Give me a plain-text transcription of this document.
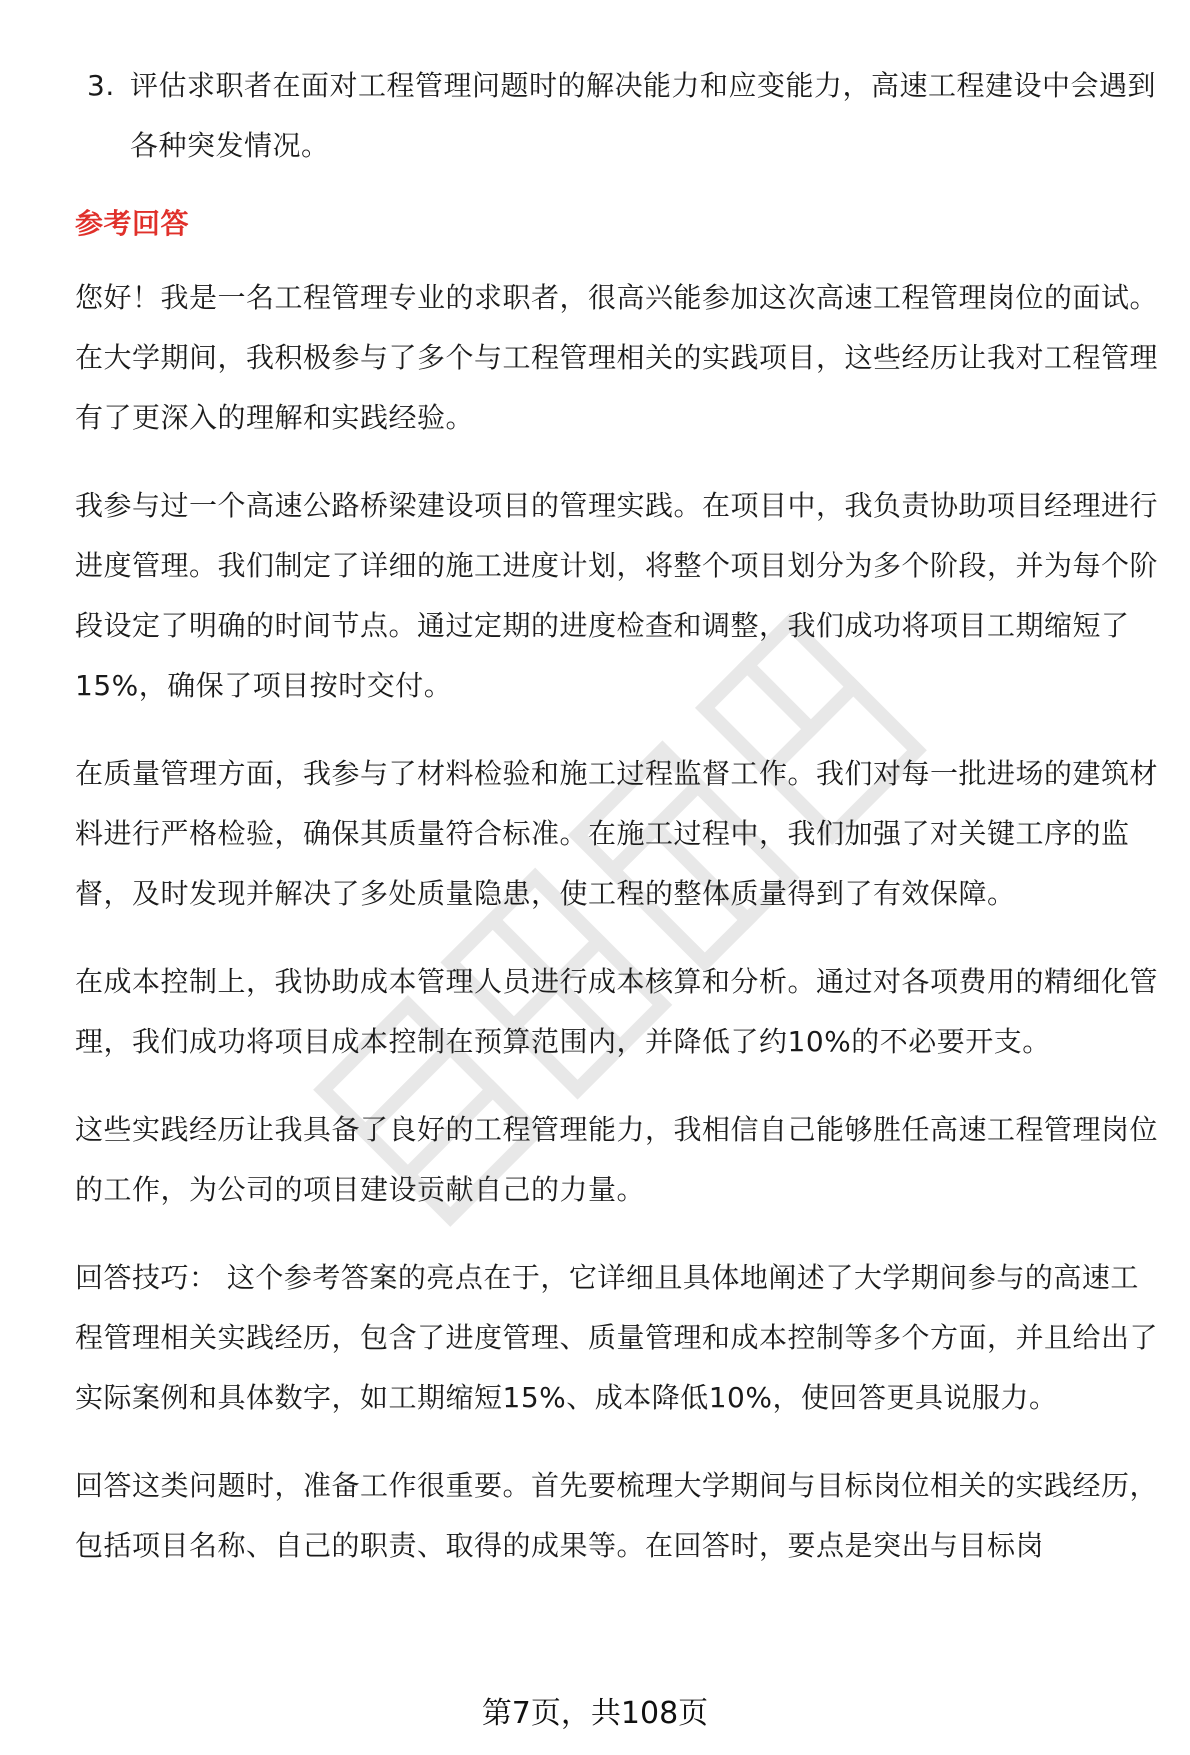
3. 评估求职者在面对工程管理问题时的解决能力和应变能力，高速工程建设中会遇到各种突发情况。
参考回答

您好！我是一名工程管理专业的求职者，很高兴能参加这次高速工程管理岗位的面试。在大学期间，我积极参与了多个与工程管理相关的实践项目，这些经历让我对工程管理有了更深入的理解和实践经验。

我参与过一个高速公路桥梁建设项目的管理实践。在项目中，我负责协助项目经理进行进度管理。我们制定了详细的施工进度计划，将整个项目划分为多个阶段，并为每个阶段设定了明确的时间节点。通过定期的进度检查和调整，我们成功将项目工期缩短了15%，确保了项目按时交付。

在质量管理方面，我参与了材料检验和施工过程监督工作。我们对每一批进场的建筑材料进行严格检验，确保其质量符合标准。在施工过程中，我们加强了对关键工序的监督，及时发现并解决了多处质量隐患，使工程的整体质量得到了有效保障。

在成本控制上，我协助成本管理人员进行成本核算和分析。通过对各项费用的精细化管理，我们成功将项目成本控制在预算范围内，并降低了约10%的不必要开支。

这些实践经历让我具备了良好的工程管理能力，我相信自己能够胜任高速工程管理岗位的工作，为公司的项目建设贡献自己的力量。

回答技巧： 这个参考答案的亮点在于，它详细且具体地阐述了大学期间参与的高速工程管理相关实践经历，包含了进度管理、质量管理和成本控制等多个方面，并且给出了实际案例和具体数字，如工期缩短15%、成本降低10%，使回答更具说服力。

回答这类问题时，准备工作很重要。首先要梳理大学期间与目标岗位相关的实践经历，包括项目名称、自己的职责、取得的成果等。在回答时，要点是突出与目标岗

第7页，共108页
